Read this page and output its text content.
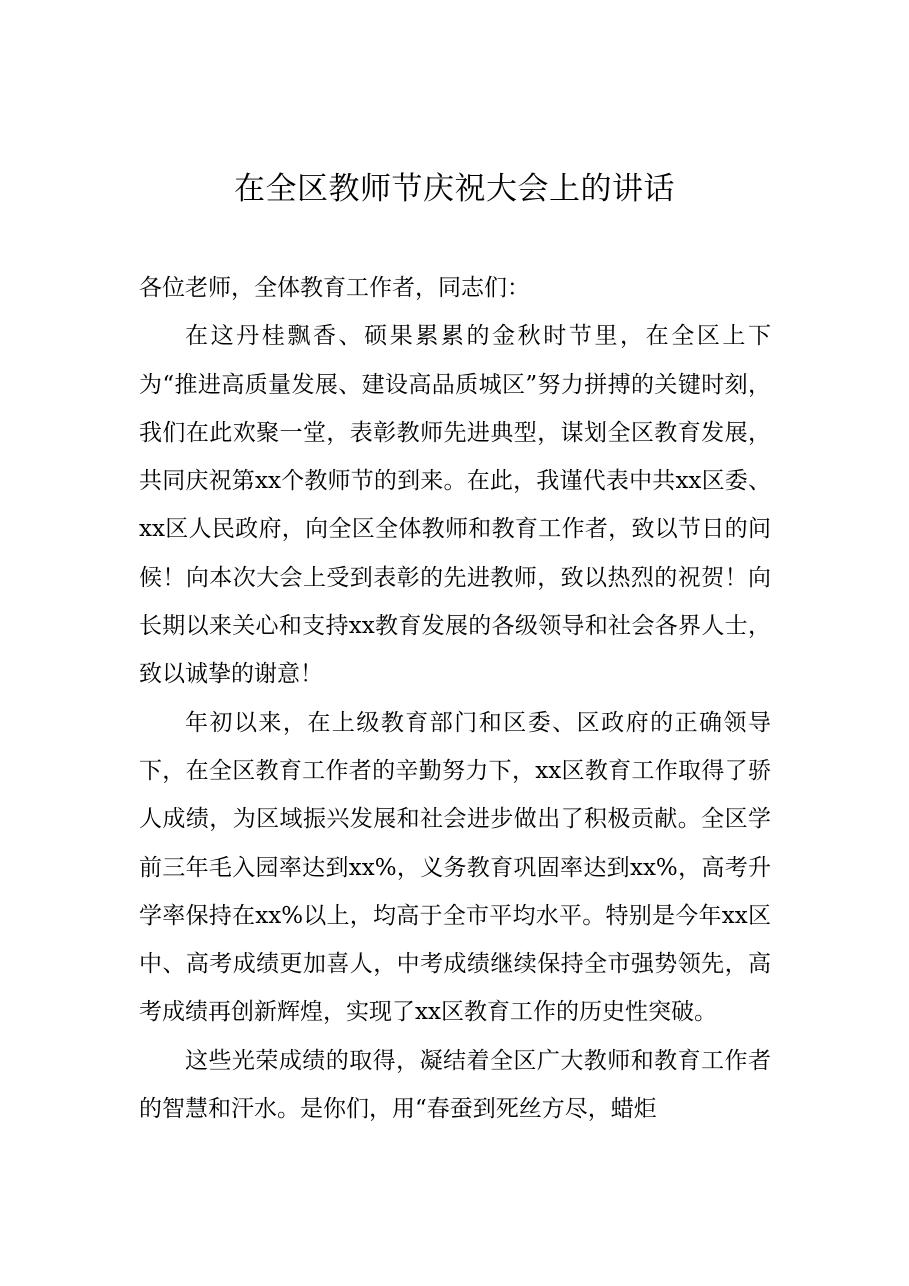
在全区教师节庆祝大会上的讲话

各位老师，全体教育工作者，同志们：

在这丹桂飘香、硕果累累的金秋时节里，在全区上下为“推进高质量发展、建设高品质城区”努力拼搏的关键时刻，我们在此欢聚一堂，表彰教师先进典型，谋划全区教育发展，共同庆祝第xx个教师节的到来。在此，我谨代表中共xx区委、xx区人民政府，向全区全体教师和教育工作者，致以节日的问候！向本次大会上受到表彰的先进教师，致以热烈的祝贺！向长期以来关心和支持xx教育发展的各级领导和社会各界人士，致以诚挚的谢意！

年初以来，在上级教育部门和区委、区政府的正确领导下，在全区教育工作者的辛勤努力下，xx区教育工作取得了骄人成绩，为区域振兴发展和社会进步做出了积极贡献。全区学前三年毛入园率达到xx%，义务教育巩固率达到xx%，高考升学率保持在xx%以上，均高于全市平均水平。特别是今年xx区中、高考成绩更加喜人，中考成绩继续保持全市强势领先，高考成绩再创新辉煌，实现了xx区教育工作的历史性突破。

这些光荣成绩的取得，凝结着全区广大教师和教育工作者的智慧和汗水。是你们，用“春蚕到死丝方尽，蜡炬
